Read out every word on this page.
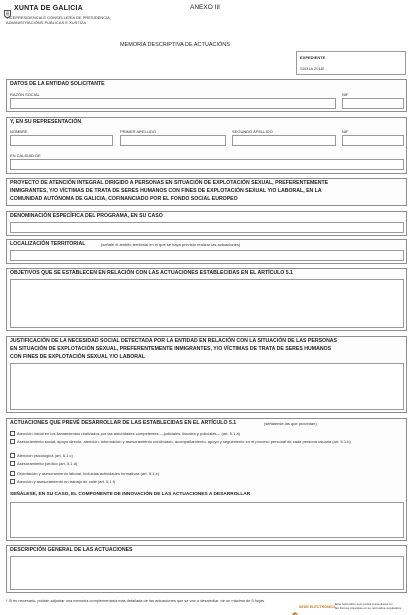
XUNTA DE GALICIA
VICEPRESIDENCIA E CONSELLERÍA DE PRESIDENCIA,
ADMINISTRACIÓNS PÚBLICAS E XUSTIZA
ANEXO III
MEMORIA DESCRIPTIVA DE ACTUACIÓNS
EXPEDIENTE
SI431A 2018/
DATOS DE LA ENTIDAD SOLICITANTE
RAZÓN SOCIAL	NIF
Y, EN SU REPRESENTACIÓN
NOMBRE	PRIMER APELLIDO	SEGUNDO APELLIDO	NIF
EN CALIDAD DE
PROYECTO DE ATENCIÓN INTEGRAL DIRIGIDO A PERSONAS EN SITUACIÓN DE EXPLOTACIÓN SEXUAL, PREFERENTEMENTE
INMIGRANTES, Y/O VÍCTIMAS DE TRATA DE SERES HUMANOS CON FINES DE EXPLOTACIÓN SEXUAL Y/O LABORAL, EN LA
COMUNIDAD AUTÓNOMA DE GALICIA, COFINANCIADO POR EL FONDO SOCIAL EUROPEO
DENOMINACIÓN ESPECÍFICA DEL PROGRAMA, EN SU CASO
LOCALIZACIÓN TERRITORIAL	(señale el ámbito territorial en el que se haya previsto realizar las actuaciones)
OBJETIVOS QUE SE ESTABLECEN EN RELACIÓN CON LAS ACTUACIONES ESTABLECIDAS EN EL ARTÍCULO 5.1
JUSTIFICACIÓN DE LA NECESIDAD SOCIAL DETECTADA POR LA ENTIDAD EN RELACIÓN CON LA SITUACIÓN DE LAS PERSONAS
EN SITUACIÓN DE EXPLOTACIÓN SEXUAL, PREFERENTEMENTE INMIGRANTES, Y/O VÍCTIMAS DE TRATA DE SERES HUMANOS
CON FINES DE EXPLOTACIÓN SEXUAL Y/O LABORAL
ACTUACIONES QUE PREVÉ DESARROLLAR DE LAS ESTABLECIDAS EN EL ARTÍCULO 5.1	(señálense las que procedan)
Atención inicial en los llamamientos realizados por las autoridades competentes —judiciales, fiscales y policiales— (art. 5.1.a)
Asesoramiento social, apoyo directo, atención, información y asesoramiento continuado; acompañamiento, apoyo y seguimiento en el proceso personal de cada persona usuaria (art. 5.1.b)
Atención psicológica (art. 5.1.c)
Asesoramiento jurídico (art. 5.1.d)
Orientación y asesoramiento laboral, incluidas actividades formativas (art. 5.1.e)
Atención y asesoramiento en trabajo de calle (art. 5.1.f)
SEÑÁLESE, EN SU CASO, EL COMPONENTE DE INNOVACIÓN DE LAS ACTUACIONES A DESARROLLAR
DESCRIPCIÓN GENERAL DE LAS ACTUACIONES
* Si es necesario, podrán adjuntar una memoria complementaria más detallada de las actuaciones que se van a desarrollar, de un máximo de 5 hojas.
SEDE ELECTRÓNICA
Este formulario solo podrá presentarse en
las formas previstas en su normativa reguladora
